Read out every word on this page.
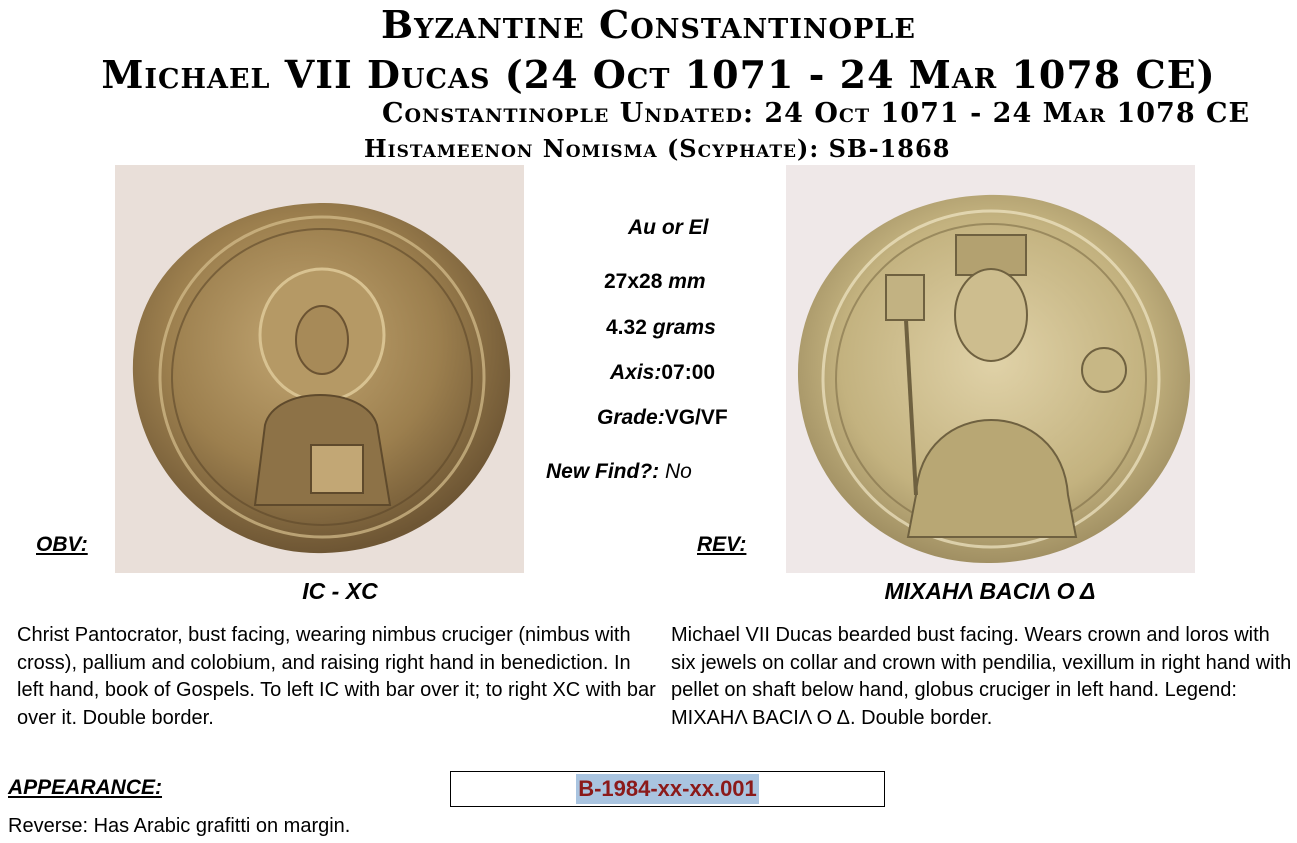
Byzantine Constantinople
Michael VII Ducas (24 Oct 1071 - 24 Mar 1078 CE)
Constantinople Undated: 24 Oct 1071 - 24 Mar 1078 CE
Histameenon Nomisma (Scyphate): SB-1868
Au or El
27x28 mm
4.32 grams
Axis:07:00
Grade:VG/VF
New Find?: No
OBV:	REV:
IC - XC	ΜΙΧΑΗΛ ΒΑCΙΛ Ο Δ
Christ Pantocrator, bust facing, wearing nimbus cruciger (nimbus with cross), pallium and colobium, and raising right hand in benediction. In left hand, book of Gospels. To left IC with bar over it; to right XC with bar over it. Double border.
Michael VII Ducas bearded bust facing. Wears crown and loros with six jewels on collar and crown with pendilia, vexillum in right hand with pellet on shaft below hand, globus cruciger in left hand. Legend: ΜΙΧΑΗΛ ΒΑCΙΛ Ο Δ. Double border.
APPEARANCE:
Reverse: Has Arabic grafitti on margin.
B-1984-xx-xx.001
